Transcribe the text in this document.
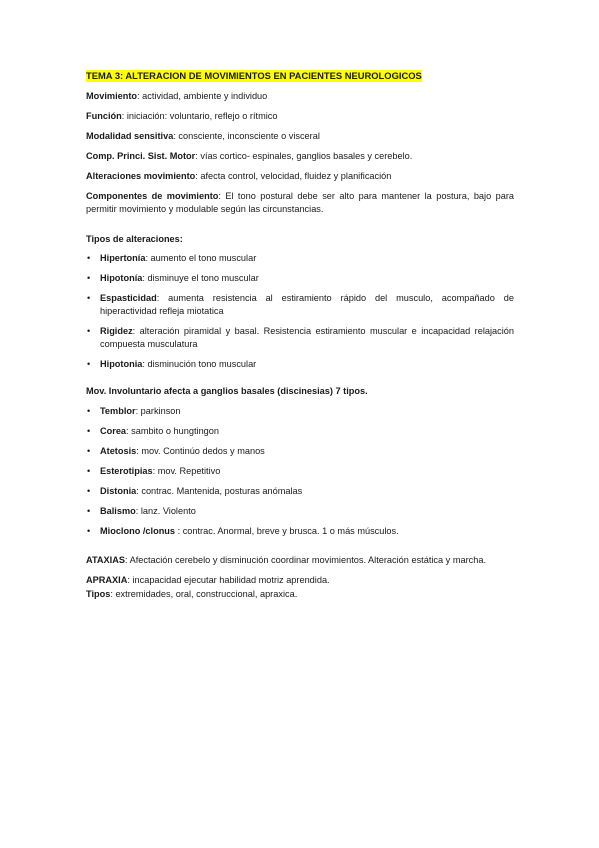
TEMA 3: ALTERACION DE MOVIMIENTOS EN PACIENTES NEUROLOGICOS

Movimiento: actividad, ambiente y individuo

Función: iniciación: voluntario, reflejo o rítmico

Modalidad sensitiva: consciente, inconsciente o visceral

Comp. Princi. Sist. Motor: vías cortico- espinales, ganglios basales y cerebelo.

Alteraciones movimiento: afecta control, velocidad, fluidez y planificación

Componentes de movimiento: El tono postural debe ser alto para mantener la postura, bajo para permitir movimiento y modulable según las circunstancias.

Tipos de alteraciones:

• Hipertonía: aumento el tono muscular
• Hipotonía: disminuye el tono muscular
• Espasticidad: aumenta resistencia al estiramiento rápido del musculo, acompañado de hiperactividad refleja miotatica
• Rigidez: alteración piramidal y basal. Resistencia estiramiento muscular e incapacidad relajación compuesta musculatura
• Hipotonia: disminución tono muscular

Mov. Involuntario afecta a ganglios basales (discinesias) 7 tipos.

• Temblor: parkinson
• Corea: sambito o hungtingon
• Atetosis: mov. Continúo dedos y manos
• Esterotipias: mov. Repetitivo
• Distonia: contrac. Mantenida, posturas anómalas
• Balismo: lanz. Violento
• Mioclono /clonus : contrac. Anormal, breve y brusca. 1 o más músculos.

ATAXIAS: Afectación cerebelo y disminución coordinar movimientos. Alteración estática y marcha.

APRAXIA: incapacidad ejecutar habilidad motriz aprendida.

Tipos: extremidades, oral, construccional, apraxica.
